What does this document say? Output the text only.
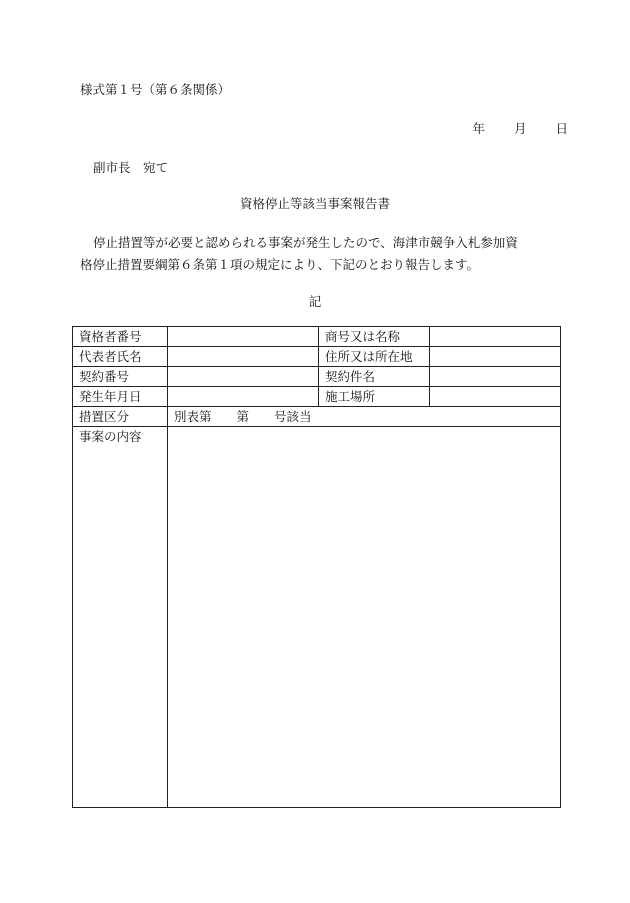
様式第１号（第６条関係）
年 月 日
副市長　宛て
資格停止等該当事案報告書
停止措置等が必要と認められる事案が発生したので、海津市競争入札参加資
格停止措置要綱第６条第１項の規定により、下記のとおり報告します。
記
資格者番号		商号又は名称	
代表者氏名		住所又は所在地	
契約番号		契約件名	
発生年月日		施工場所	
措置区分	別表第　　第　　号該当		
事案の内容			
